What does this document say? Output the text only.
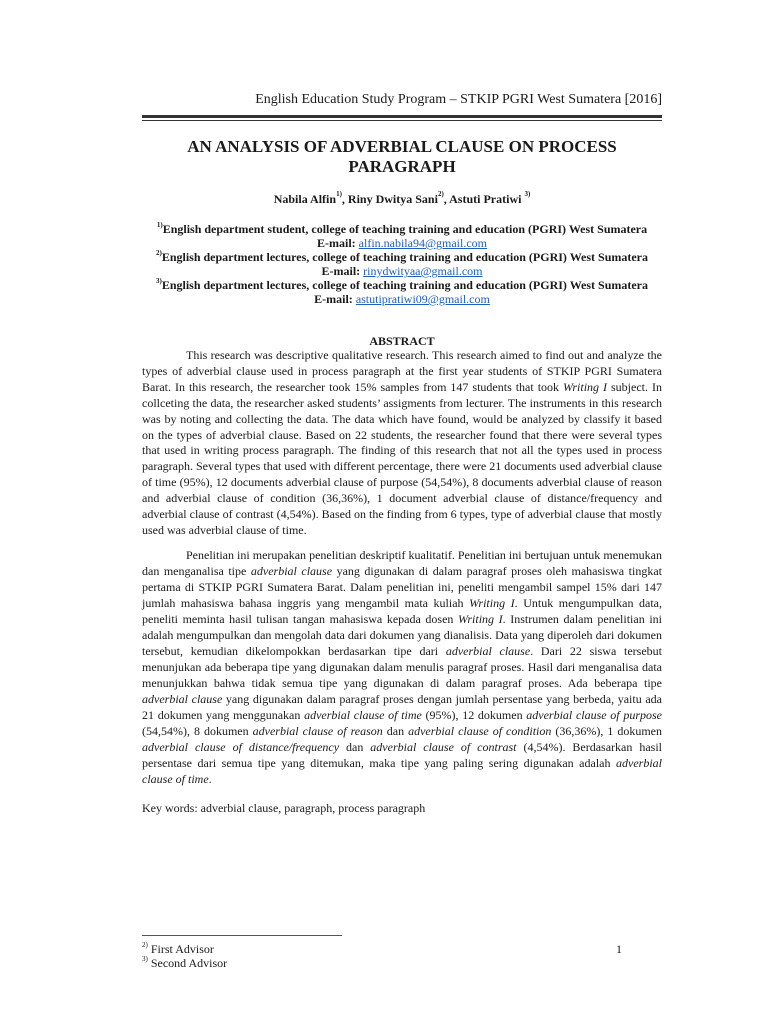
English Education Study Program – STKIP PGRI West Sumatera [2016]
AN ANALYSIS OF ADVERBIAL CLAUSE ON PROCESS
PARAGRAPH
Nabila Alfin$^{1)}$, Riny Dwitya Sani$^{2)}$, Astuti Pratiwi $^{3)}$
$^{1)}$English department student, college of teaching training and education (PGRI) West Sumatera
E-mail: alfin.nabila94@gmail.com
$^{2)}$English department lectures, college of teaching training and education (PGRI) West Sumatera
E-mail: rinydwityaa@gmail.com
$^{3)}$English department lectures, college of teaching training and education (PGRI) West Sumatera
E-mail: astutipratiwi09@gmail.com
ABSTRACT
This research was descriptive qualitative research. This research aimed to find out and analyze the types of adverbial clause used in process paragraph at the first year students of STKIP PGRI Sumatera Barat. In this research, the researcher took 15% samples from 147 students that took Writing I subject. In collceting the data, the researcher asked students’ assigments from lecturer. The instruments in this research was by noting and collecting the data. The data which have found, would be analyzed by classify it based on the types of adverbial clause. Based on 22 students, the researcher found that there were several types that used in writing process paragraph. The finding of this research that not all the types used in process paragraph. Several types that used with different percentage, there were 21 documents used adverbial clause of time (95%), 12 documents adverbial clause of purpose (54,54%), 8 documents adverbial clause of reason and adverbial clause of condition (36,36%), 1 document adverbial clause of distance/frequency and adverbial clause of contrast (4,54%). Based on the finding from 6 types, type of adverbial clause that mostly used was adverbial clause of time.
Penelitian ini merupakan penelitian deskriptif kualitatif. Penelitian ini bertujuan untuk menemukan dan menganalisa tipe adverbial clause yang digunakan di dalam paragraf proses oleh mahasiswa tingkat pertama di STKIP PGRI Sumatera Barat. Dalam penelitian ini, peneliti mengambil sampel 15% dari 147 jumlah mahasiswa bahasa inggris yang mengambil mata kuliah Writing I. Untuk mengumpulkan data, peneliti meminta hasil tulisan tangan mahasiswa kepada dosen Writing I. Instrumen dalam penelitian ini adalah mengumpulkan dan mengolah data dari dokumen yang dianalisis. Data yang diperoleh dari dokumen tersebut, kemudian dikelompokkan berdasarkan tipe dari adverbial clause. Dari 22 siswa tersebut menunjukan ada beberapa tipe yang digunakan dalam menulis paragraf proses. Hasil dari menganalisa data menunjukkan bahwa tidak semua tipe yang digunakan di dalam paragraf proses. Ada beberapa tipe adverbial clause yang digunakan dalam paragraf proses dengan jumlah persentase yang berbeda, yaitu ada 21 dokumen yang menggunakan adverbial clause of time (95%), 12 dokumen adverbial clause of purpose (54,54%), 8 dokumen adverbial clause of reason dan adverbial clause of condition (36,36%), 1 dokumen adverbial clause of distance/frequency dan adverbial clause of contrast (4,54%). Berdasarkan hasil persentase dari semua tipe yang ditemukan, maka tipe yang paling sering digunakan adalah adverbial clause of time.
Key words: adverbial clause, paragraph, process paragraph
$^{2)}$ First Advisor
$^{3)}$ Second Advisor
1
